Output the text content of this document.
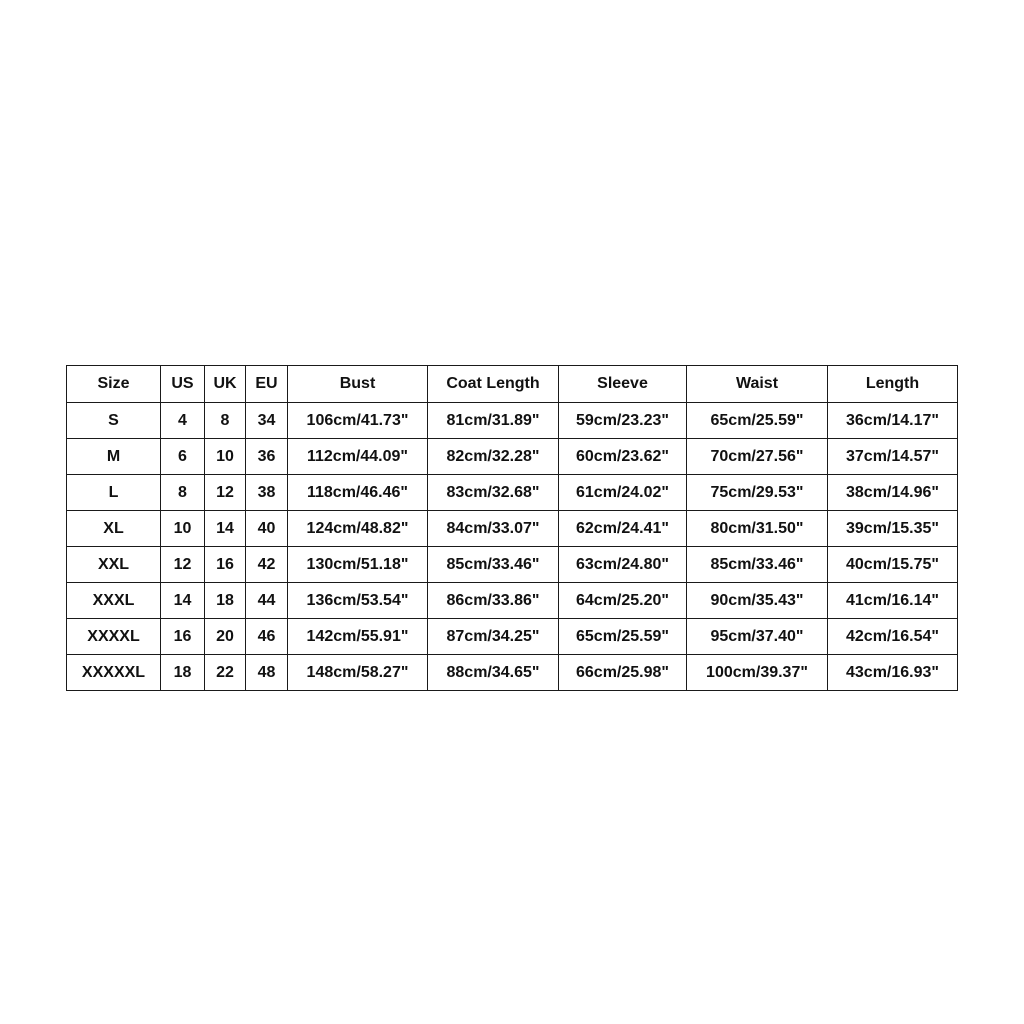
Size	US	UK	EU	Bust	Coat Length	Sleeve	Waist	Length
S	4	8	34	106cm/41.73"	81cm/31.89"	59cm/23.23"	65cm/25.59"	36cm/14.17"
M	6	10	36	112cm/44.09"	82cm/32.28"	60cm/23.62"	70cm/27.56"	37cm/14.57"
L	8	12	38	118cm/46.46"	83cm/32.68"	61cm/24.02"	75cm/29.53"	38cm/14.96"
XL	10	14	40	124cm/48.82"	84cm/33.07"	62cm/24.41"	80cm/31.50"	39cm/15.35"
XXL	12	16	42	130cm/51.18"	85cm/33.46"	63cm/24.80"	85cm/33.46"	40cm/15.75"
XXXL	14	18	44	136cm/53.54"	86cm/33.86"	64cm/25.20"	90cm/35.43"	41cm/16.14"
XXXXL	16	20	46	142cm/55.91"	87cm/34.25"	65cm/25.59"	95cm/37.40"	42cm/16.54"
XXXXXL	18	22	48	148cm/58.27"	88cm/34.65"	66cm/25.98"	100cm/39.37"	43cm/16.93"
